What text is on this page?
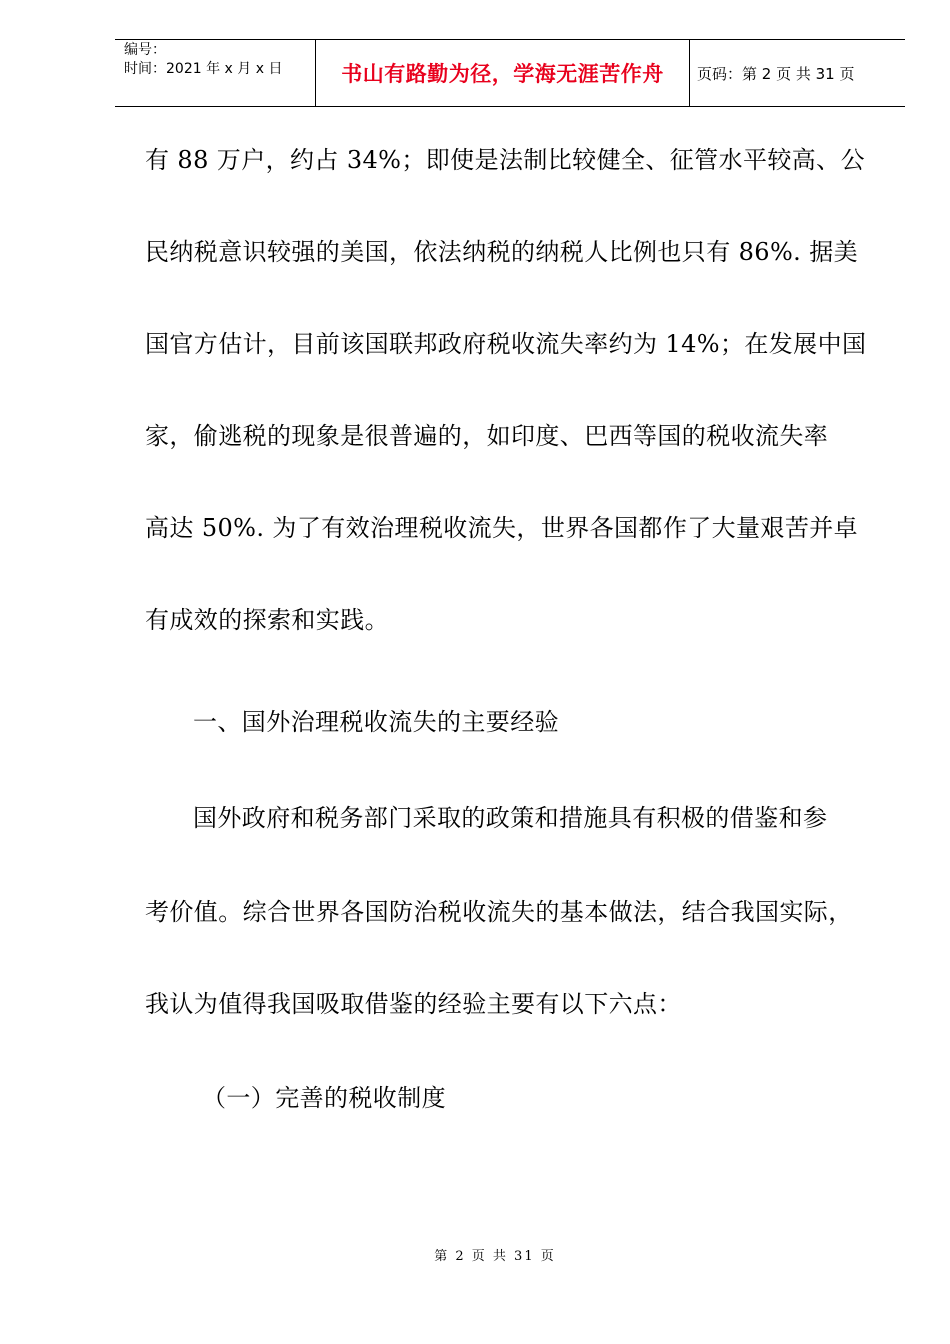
编号：
时间：2021 年 x 月 x 日	书山有路勤为径，学海无涯苦作舟	页码：第 2 页 共 31 页
有 88 万户，约占 34%；即使是法制比较健全、征管水平较高、公
民纳税意识较强的美国，依法纳税的纳税人比例也只有 86%. 据美
国官方估计，目前该国联邦政府税收流失率约为 14%；在发展中国
家，偷逃税的现象是很普遍的，如印度、巴西等国的税收流失率
高达 50%. 为了有效治理税收流失，世界各国都作了大量艰苦并卓
有成效的探索和实践。
一、国外治理税收流失的主要经验
国外政府和税务部门采取的政策和措施具有积极的借鉴和参
考价值。综合世界各国防治税收流失的基本做法，结合我国实际，
我认为值得我国吸取借鉴的经验主要有以下六点：
（一）完善的税收制度
第 2 页 共 31 页
